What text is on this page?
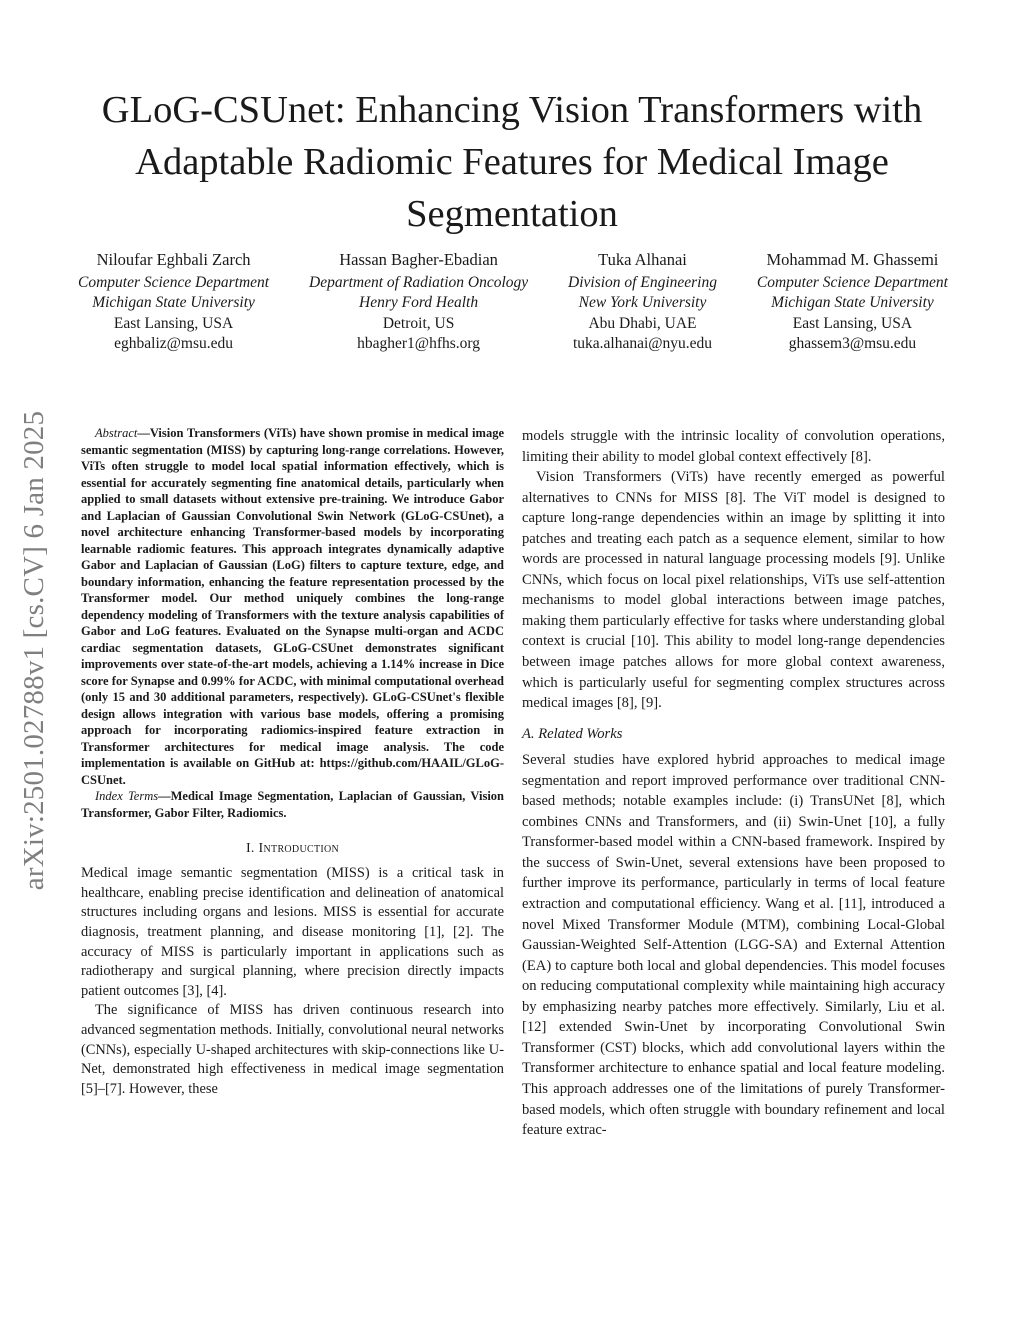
arXiv:2501.02788v1 [cs.CV] 6 Jan 2025
GLoG-CSUnet: Enhancing Vision Transformers with Adaptable Radiomic Features for Medical Image Segmentation
Niloufar Eghbali Zarch
Computer Science Department
Michigan State University
East Lansing, USA
eghbaliz@msu.edu
Hassan Bagher-Ebadian
Department of Radiation Oncology
Henry Ford Health
Detroit, US
hbagher1@hfhs.org
Tuka Alhanai
Division of Engineering
New York University
Abu Dhabi, UAE
tuka.alhanai@nyu.edu
Mohammad M. Ghassemi
Computer Science Department
Michigan State University
East Lansing, USA
ghassem3@msu.edu

Abstract—Vision Transformers (ViTs) have shown promise in medical image semantic segmentation (MISS) by capturing long-range correlations. However, ViTs often struggle to model local spatial information effectively, which is essential for accurately segmenting fine anatomical details, particularly when applied to small datasets without extensive pre-training. We introduce Gabor and Laplacian of Gaussian Convolutional Swin Network (GLoG-CSUnet), a novel architecture enhancing Transformer-based models by incorporating learnable radiomic features. This approach integrates dynamically adaptive Gabor and Laplacian of Gaussian (LoG) filters to capture texture, edge, and boundary information, enhancing the feature representation processed by the Transformer model. Our method uniquely combines the long-range dependency modeling of Transformers with the texture analysis capabilities of Gabor and LoG features. Evaluated on the Synapse multi-organ and ACDC cardiac segmentation datasets, GLoG-CSUnet demonstrates significant improvements over state-of-the-art models, achieving a 1.14% increase in Dice score for Synapse and 0.99% for ACDC, with minimal computational overhead (only 15 and 30 additional parameters, respectively). GLoG-CSUnet's flexible design allows integration with various base models, offering a promising approach for incorporating radiomics-inspired feature extraction in Transformer architectures for medical image analysis. The code implementation is available on GitHub at: https://github.com/HAAIL/GLoG-CSUnet.

Index Terms—Medical Image Segmentation, Laplacian of Gaussian, Vision Transformer, Gabor Filter, Radiomics.

I. Introduction

Medical image semantic segmentation (MISS) is a critical task in healthcare, enabling precise identification and delineation of anatomical structures including organs and lesions. MISS is essential for accurate diagnosis, treatment planning, and disease monitoring [1], [2]. The accuracy of MISS is particularly important in applications such as radiotherapy and surgical planning, where precision directly impacts patient outcomes [3], [4].

The significance of MISS has driven continuous research into advanced segmentation methods. Initially, convolutional neural networks (CNNs), especially U-shaped architectures with skip-connections like U-Net, demonstrated high effectiveness in medical image segmentation [5]–[7]. However, these

models struggle with the intrinsic locality of convolution operations, limiting their ability to model global context effectively [8].

Vision Transformers (ViTs) have recently emerged as powerful alternatives to CNNs for MISS [8]. The ViT model is designed to capture long-range dependencies within an image by splitting it into patches and treating each patch as a sequence element, similar to how words are processed in natural language processing models [9]. Unlike CNNs, which focus on local pixel relationships, ViTs use self-attention mechanisms to model global interactions between image patches, making them particularly effective for tasks where understanding global context is crucial [10]. This ability to model long-range dependencies between image patches allows for more global context awareness, which is particularly useful for segmenting complex structures across medical images [8], [9].

A. Related Works

Several studies have explored hybrid approaches to medical image segmentation and report improved performance over traditional CNN-based methods; notable examples include: (i) TransUNet [8], which combines CNNs and Transformers, and (ii) Swin-Unet [10], a fully Transformer-based model within a CNN-based framework. Inspired by the success of Swin-Unet, several extensions have been proposed to further improve its performance, particularly in terms of local feature extraction and computational efficiency. Wang et al. [11], introduced a novel Mixed Transformer Module (MTM), combining Local-Global Gaussian-Weighted Self-Attention (LGG-SA) and External Attention (EA) to capture both local and global dependencies. This model focuses on reducing computational complexity while maintaining high accuracy by emphasizing nearby patches more effectively. Similarly, Liu et al. [12] extended Swin-Unet by incorporating Convolutional Swin Transformer (CST) blocks, which add convolutional layers within the Transformer architecture to enhance spatial and local feature modeling. This approach addresses one of the limitations of purely Transformer-based models, which often struggle with boundary refinement and local feature extrac-
